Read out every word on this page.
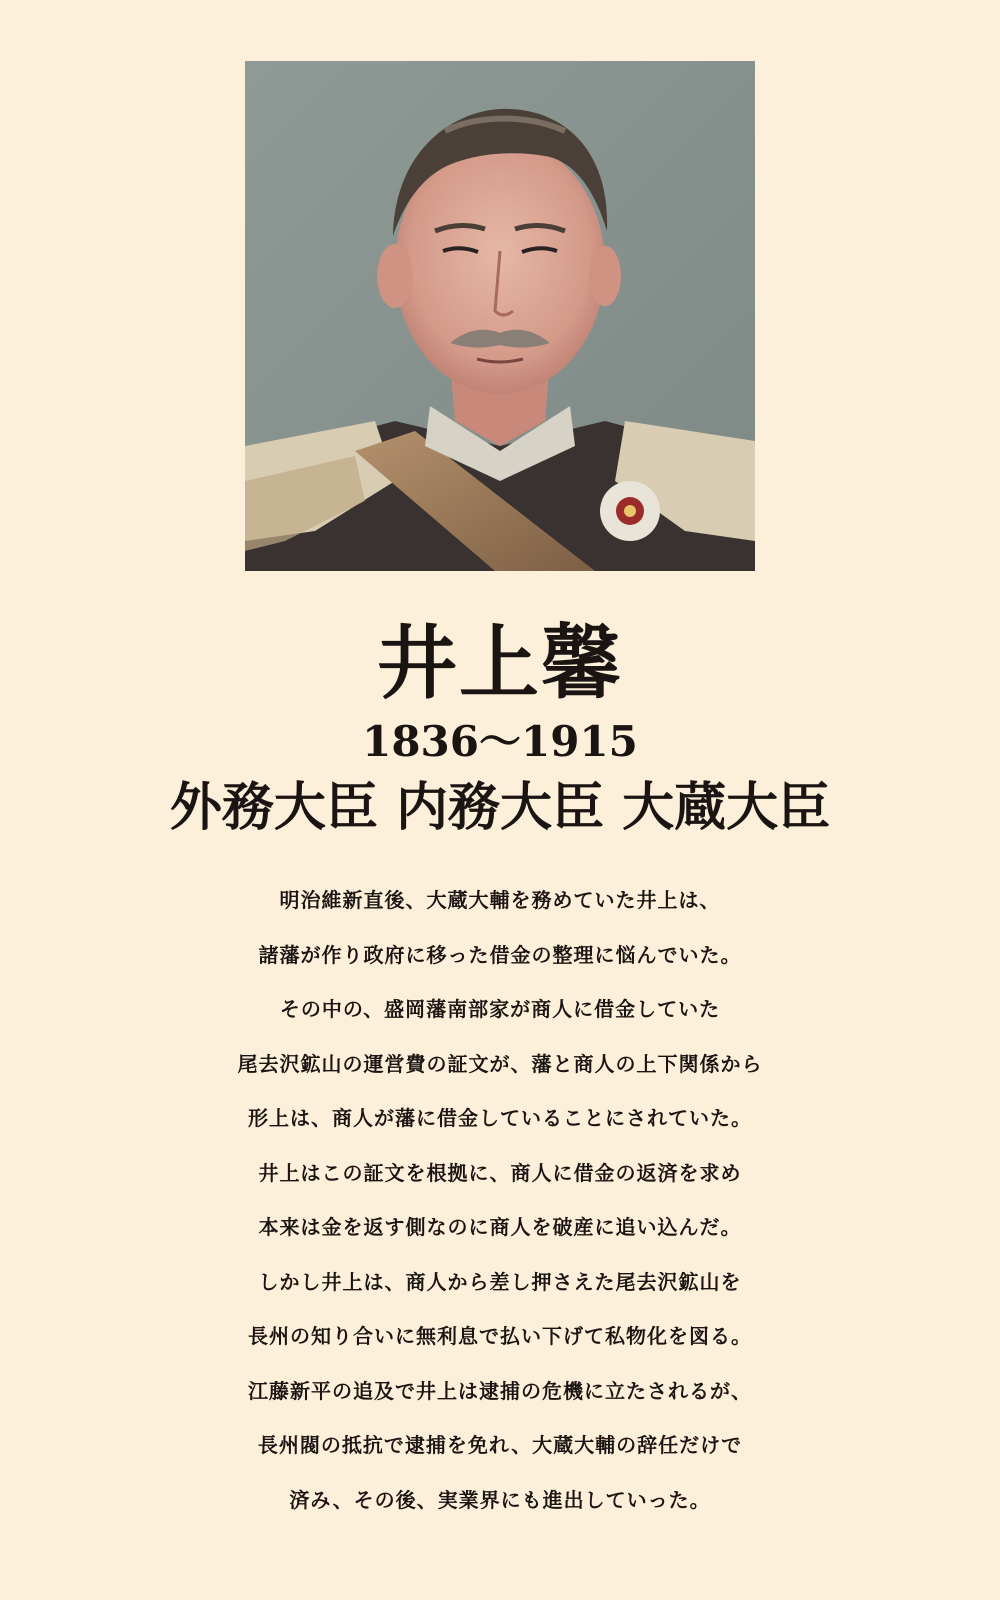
井上馨
1836〜1915
外務大臣 内務大臣 大蔵大臣
明治維新直後、大蔵大輔を務めていた井上は、
諸藩が作り政府に移った借金の整理に悩んでいた。
その中の、盛岡藩南部家が商人に借金していた
尾去沢鉱山の運営費の証文が、藩と商人の上下関係から
形上は、商人が藩に借金していることにされていた。
井上はこの証文を根拠に、商人に借金の返済を求め
本来は金を返す側なのに商人を破産に追い込んだ。
しかし井上は、商人から差し押さえた尾去沢鉱山を
長州の知り合いに無利息で払い下げて私物化を図る。
江藤新平の追及で井上は逮捕の危機に立たされるが、
長州閥の抵抗で逮捕を免れ、大蔵大輔の辞任だけで
済み、その後、実業界にも進出していった。
